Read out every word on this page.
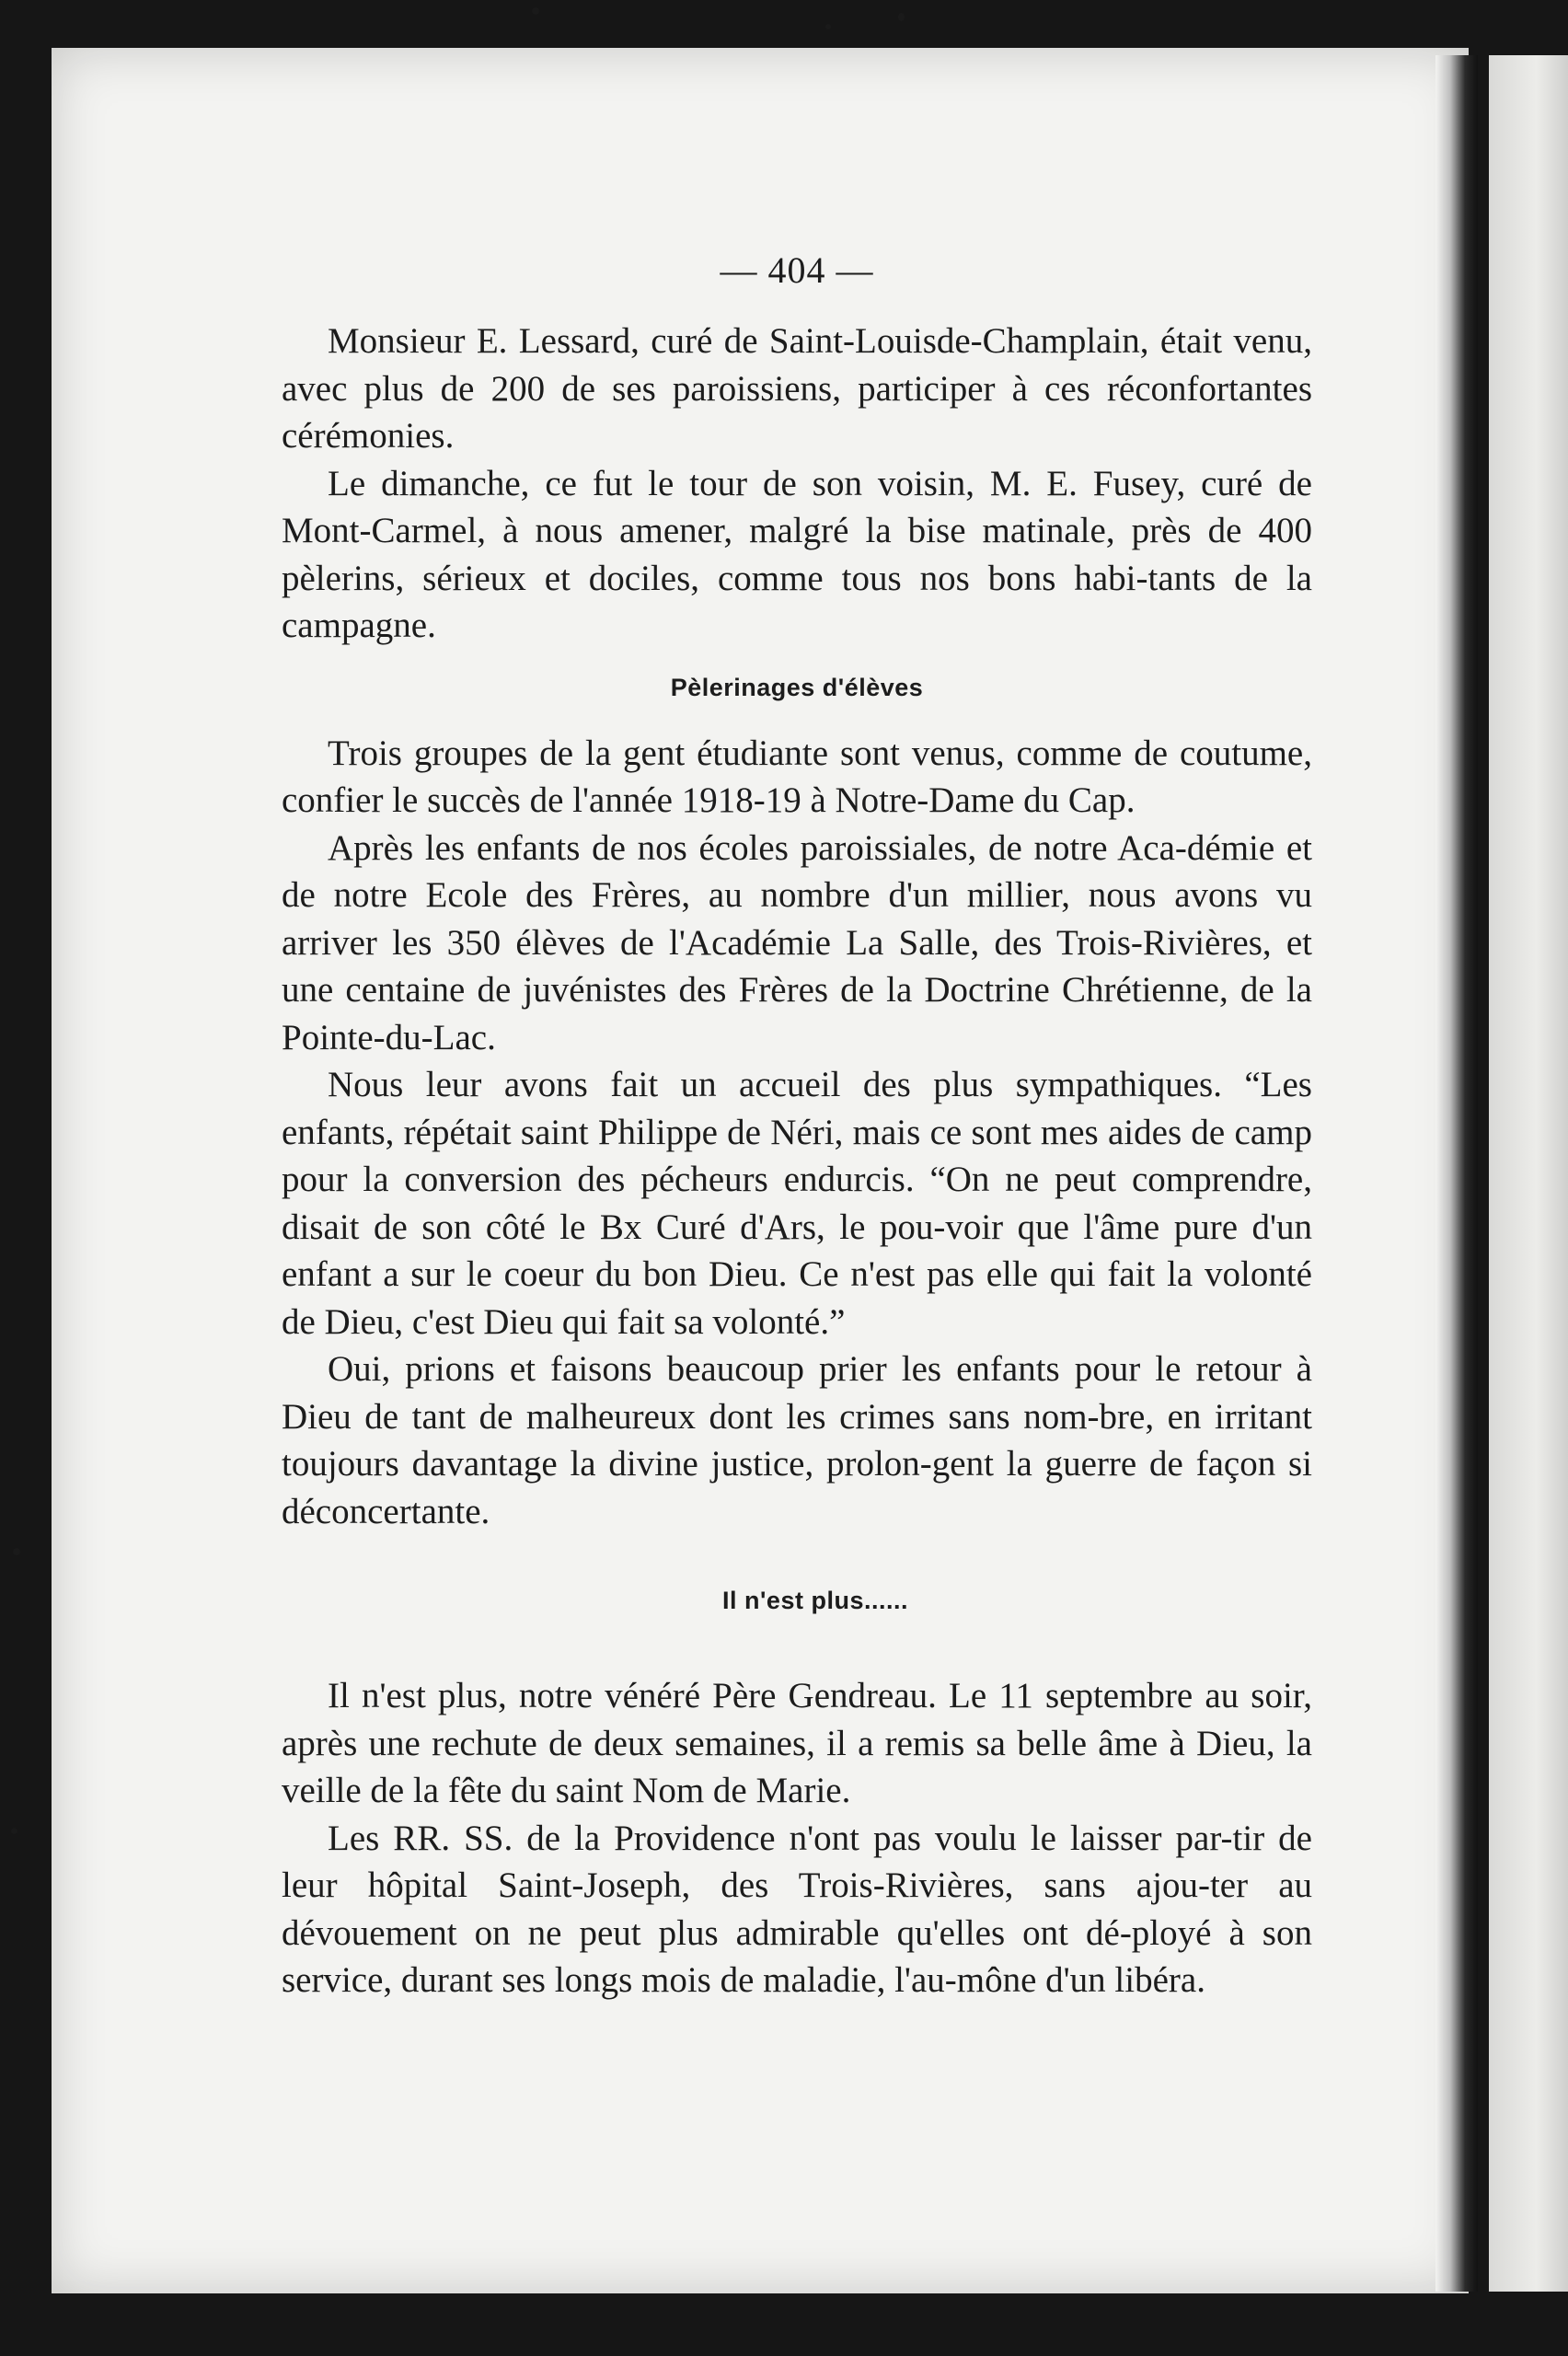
— 404 —

Monsieur E. Lessard, curé de Saint-Louisde-Champlain, était venu, avec plus de 200 de ses paroissiens, participer à ces réconfortantes cérémonies.

Le dimanche, ce fut le tour de son voisin, M. E. Fusey, curé de Mont-Carmel, à nous amener, malgré la bise matinale, près de 400 pèlerins, sérieux et dociles, comme tous nos bons habi-tants de la campagne.

Pèlerinages d'élèves

Trois groupes de la gent étudiante sont venus, comme de coutume, confier le succès de l'année 1918-19 à Notre-Dame du Cap.

Après les enfants de nos écoles paroissiales, de notre Aca-démie et de notre Ecole des Frères, au nombre d'un millier, nous avons vu arriver les 350 élèves de l'Académie La Salle, des Trois-Rivières, et une centaine de juvénistes des Frères de la Doctrine Chrétienne, de la Pointe-du-Lac.

Nous leur avons fait un accueil des plus sympathiques. “Les enfants, répétait saint Philippe de Néri, mais ce sont mes aides de camp pour la conversion des pécheurs endurcis. “On ne peut comprendre, disait de son côté le Bx Curé d'Ars, le pou-voir que l'âme pure d'un enfant a sur le coeur du bon Dieu. Ce n'est pas elle qui fait la volonté de Dieu, c'est Dieu qui fait sa volonté.”

Oui, prions et faisons beaucoup prier les enfants pour le retour à Dieu de tant de malheureux dont les crimes sans nom-bre, en irritant toujours davantage la divine justice, prolon-gent la guerre de façon si déconcertante.

Il n'est plus......

Il n'est plus, notre vénéré Père Gendreau. Le 11 septembre au soir, après une rechute de deux semaines, il a remis sa belle âme à Dieu, la veille de la fête du saint Nom de Marie.

Les RR. SS. de la Providence n'ont pas voulu le laisser par-tir de leur hôpital Saint-Joseph, des Trois-Rivières, sans ajou-ter au dévouement on ne peut plus admirable qu'elles ont dé-ployé à son service, durant ses longs mois de maladie, l'au-mône d'un libéra.
